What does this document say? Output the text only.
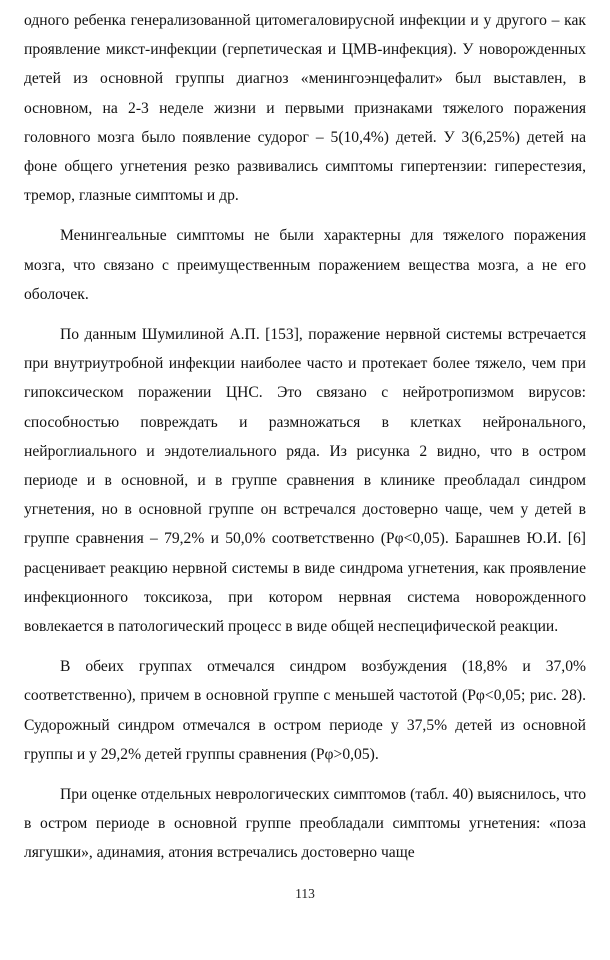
одного ребенка генерализованной цитомегаловирусной инфекции и у другого – как проявление микст-инфекции (герпетическая и ЦМВ-инфекция). У новорожденных детей из основной группы диагноз «менингоэнцефалит» был выставлен, в основном, на 2-3 неделе жизни и первыми признаками тяжелого поражения головного мозга было появление судорог – 5(10,4%) детей. У 3(6,25%) детей на фоне общего угнетения резко развивались симптомы гипертензии: гиперестезия, тремор, глазные симптомы и др.

Менингеальные симптомы не были характерны для тяжелого поражения мозга, что связано с преимущественным поражением вещества мозга, а не его оболочек.

По данным Шумилиной А.П. [153], поражение нервной системы встречается при внутриутробной инфекции наиболее часто и протекает более тяжело, чем при гипоксическом поражении ЦНС. Это связано с нейротропизмом вирусов: способностью повреждать и размножаться в клетках нейронального, нейроглиального и эндотелиального ряда. Из рисунка 2 видно, что в остром периоде и в основной, и в группе сравнения в клинике преобладал синдром угнетения, но в основной группе он встречался достоверно чаще, чем у детей в группе сравнения – 79,2% и 50,0% соответственно (Рφ<0,05). Барашнев Ю.И. [6] расценивает реакцию нервной системы в виде синдрома угнетения, как проявление инфекционного токсикоза, при котором нервная система новорожденного вовлекается в патологический процесс в виде общей неспецифической реакции.

В обеих группах отмечался синдром возбуждения (18,8% и 37,0% соответственно), причем в основной группе с меньшей частотой (Рφ<0,05; рис. 28). Судорожный синдром отмечался в остром периоде у 37,5% детей из основной группы и у 29,2% детей группы сравнения (Рφ>0,05).

При оценке отдельных неврологических симптомов (табл. 40) выяснилось, что в остром периоде в основной группе преобладали симптомы угнетения: «поза лягушки», адинамия, атония встречались достоверно чаще

113
